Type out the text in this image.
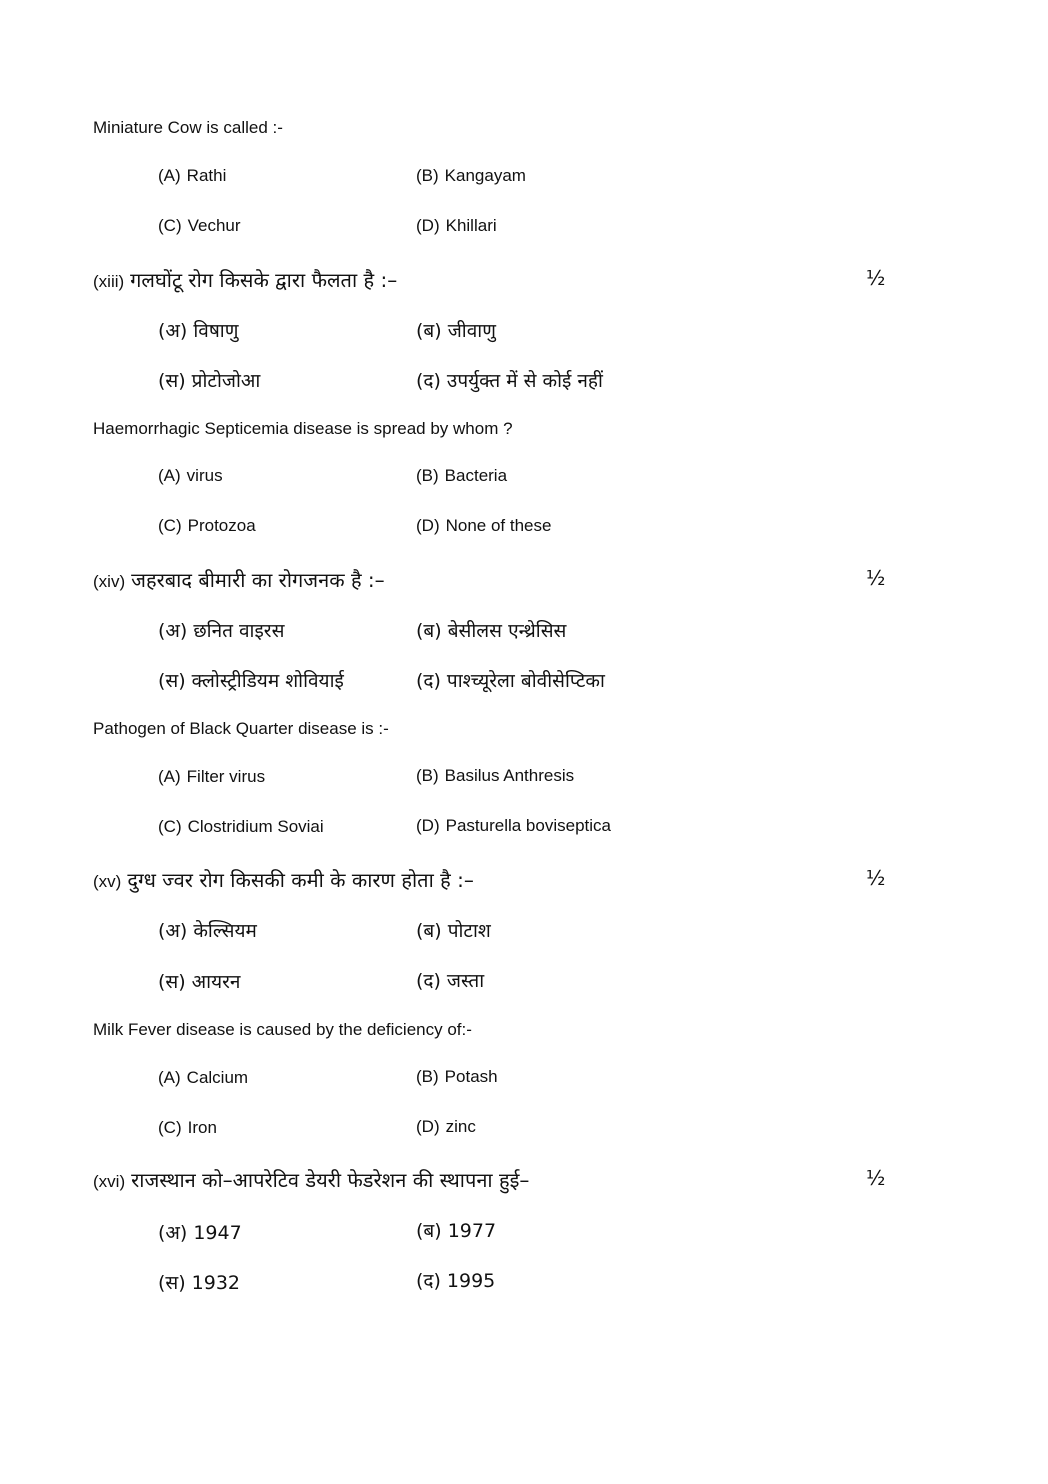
Miniature Cow is called :-
(A) Rathi	(B) Kangayam
(C) Vechur	(D) Khillari
(xiii) गलघोंटू रोग किसके द्वारा फैलता है :–	½
(अ) विषाणु	(ब) जीवाणु
(स) प्रोटोजोआ	(द) उपर्युक्त में से कोई नहीं
Haemorrhagic Septicemia disease is spread by whom ?
(A) virus	(B) Bacteria
(C) Protozoa	(D) None of these
(xiv) जहरबाद बीमारी का रोगजनक है :–	½
(अ) छनित वाइरस	(ब) बेसीलस एन्थ्रेसिस
(स) क्लोस्ट्रीडियम शोवियाई	(द) पाश्च्यूरेला बोवीसेप्टिका
Pathogen of Black Quarter disease is :-
(A) Filter virus	(B) Basilus Anthresis
(C) Clostridium Soviai	(D) Pasturella boviseptica
(xv) दुग्ध ज्वर रोग किसकी कमी के कारण होता है :–	½
(अ) केल्सियम	(ब) पोटाश
(स) आयरन	(द) जस्ता
Milk Fever disease is caused by the deficiency of:-
(A) Calcium	(B) Potash
(C) Iron	(D) zinc
(xvi) राजस्थान को–आपरेटिव डेयरी फेडरेशन की स्थापना हुई–	½
(अ) 1947	(ब) 1977
(स) 1932	(द) 1995
